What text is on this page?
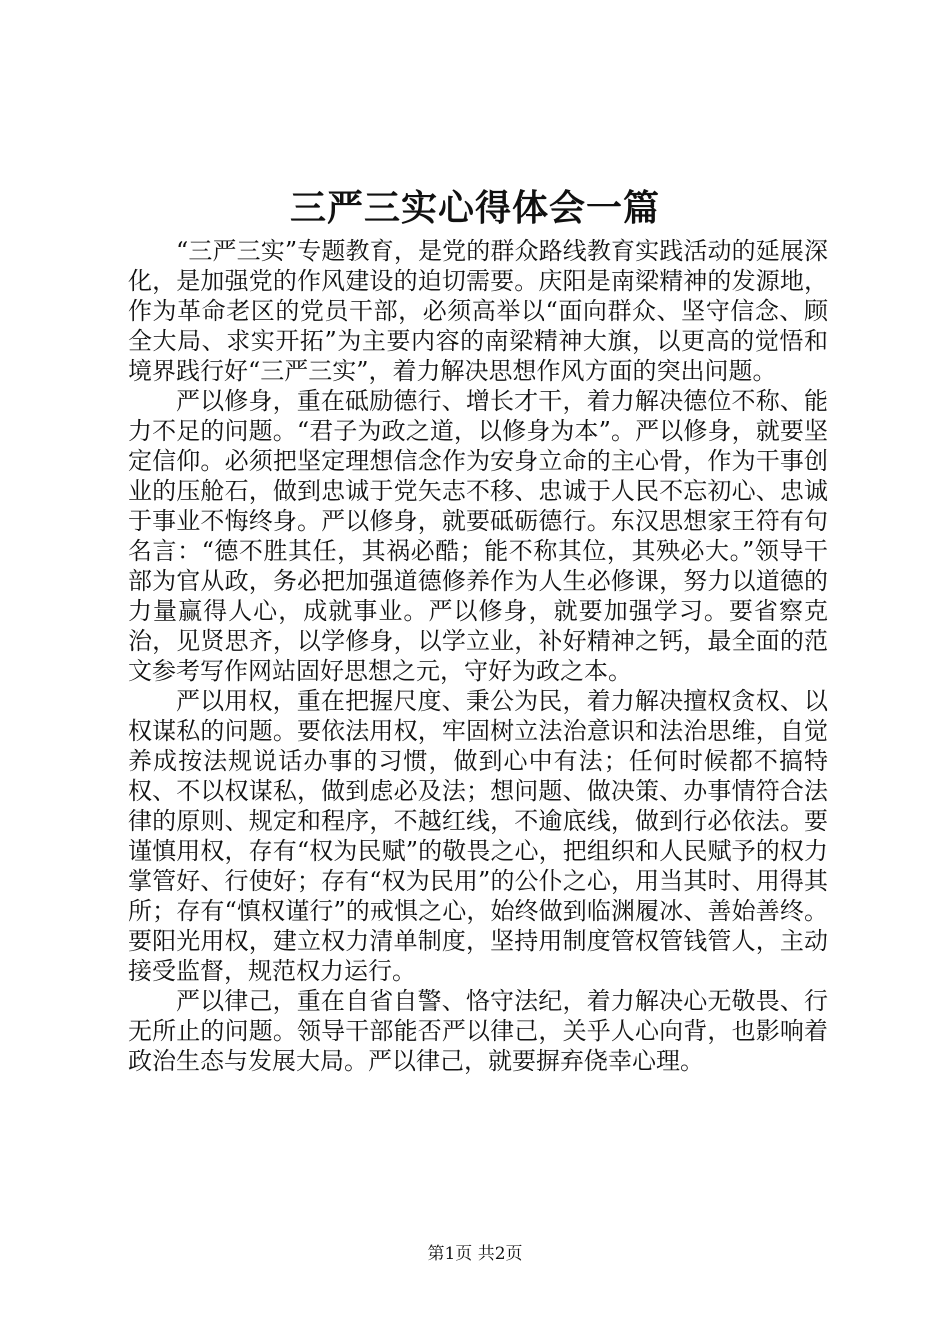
三严三实心得体会一篇

“三严三实”专题教育，是党的群众路线教育实践活动的延展深化，是加强党的作风建设的迫切需要。庆阳是南梁精神的发源地，作为革命老区的党员干部，必须高举以“面向群众、坚守信念、顾全大局、求实开拓”为主要内容的南梁精神大旗，以更高的觉悟和境界践行好“三严三实”，着力解决思想作风方面的突出问题。

严以修身，重在砥励德行、增长才干，着力解决德位不称、能力不足的问题。“君子为政之道，以修身为本”。严以修身，就要坚定信仰。必须把坚定理想信念作为安身立命的主心骨，作为干事创业的压舱石，做到忠诚于党矢志不移、忠诚于人民不忘初心、忠诚于事业不悔终身。严以修身，就要砥砺德行。东汉思想家王符有句名言：“德不胜其任，其祸必酷；能不称其位，其殃必大。”领导干部为官从政，务必把加强道德修养作为人生必修课，努力以道德的力量赢得人心，成就事业。严以修身，就要加强学习。要省察克治，见贤思齐，以学修身，以学立业，补好精神之钙，最全面的范文参考写作网站固好思想之元，守好为政之本。

严以用权，重在把握尺度、秉公为民，着力解决擅权贪权、以权谋私的问题。要依法用权，牢固树立法治意识和法治思维，自觉养成按法规说话办事的习惯，做到心中有法；任何时候都不搞特权、不以权谋私，做到虑必及法；想问题、做决策、办事情符合法律的原则、规定和程序，不越红线，不逾底线，做到行必依法。要谨慎用权，存有“权为民赋”的敬畏之心，把组织和人民赋予的权力掌管好、行使好；存有“权为民用”的公仆之心，用当其时、用得其所；存有“慎权谨行”的戒惧之心，始终做到临渊履冰、善始善终。要阳光用权，建立权力清单制度，坚持用制度管权管钱管人，主动接受监督，规范权力运行。

严以律己，重在自省自警、恪守法纪，着力解决心无敬畏、行无所止的问题。领导干部能否严以律己，关乎人心向背，也影响着政治生态与发展大局。严以律己，就要摒弃侥幸心理。

第1页 共2页
